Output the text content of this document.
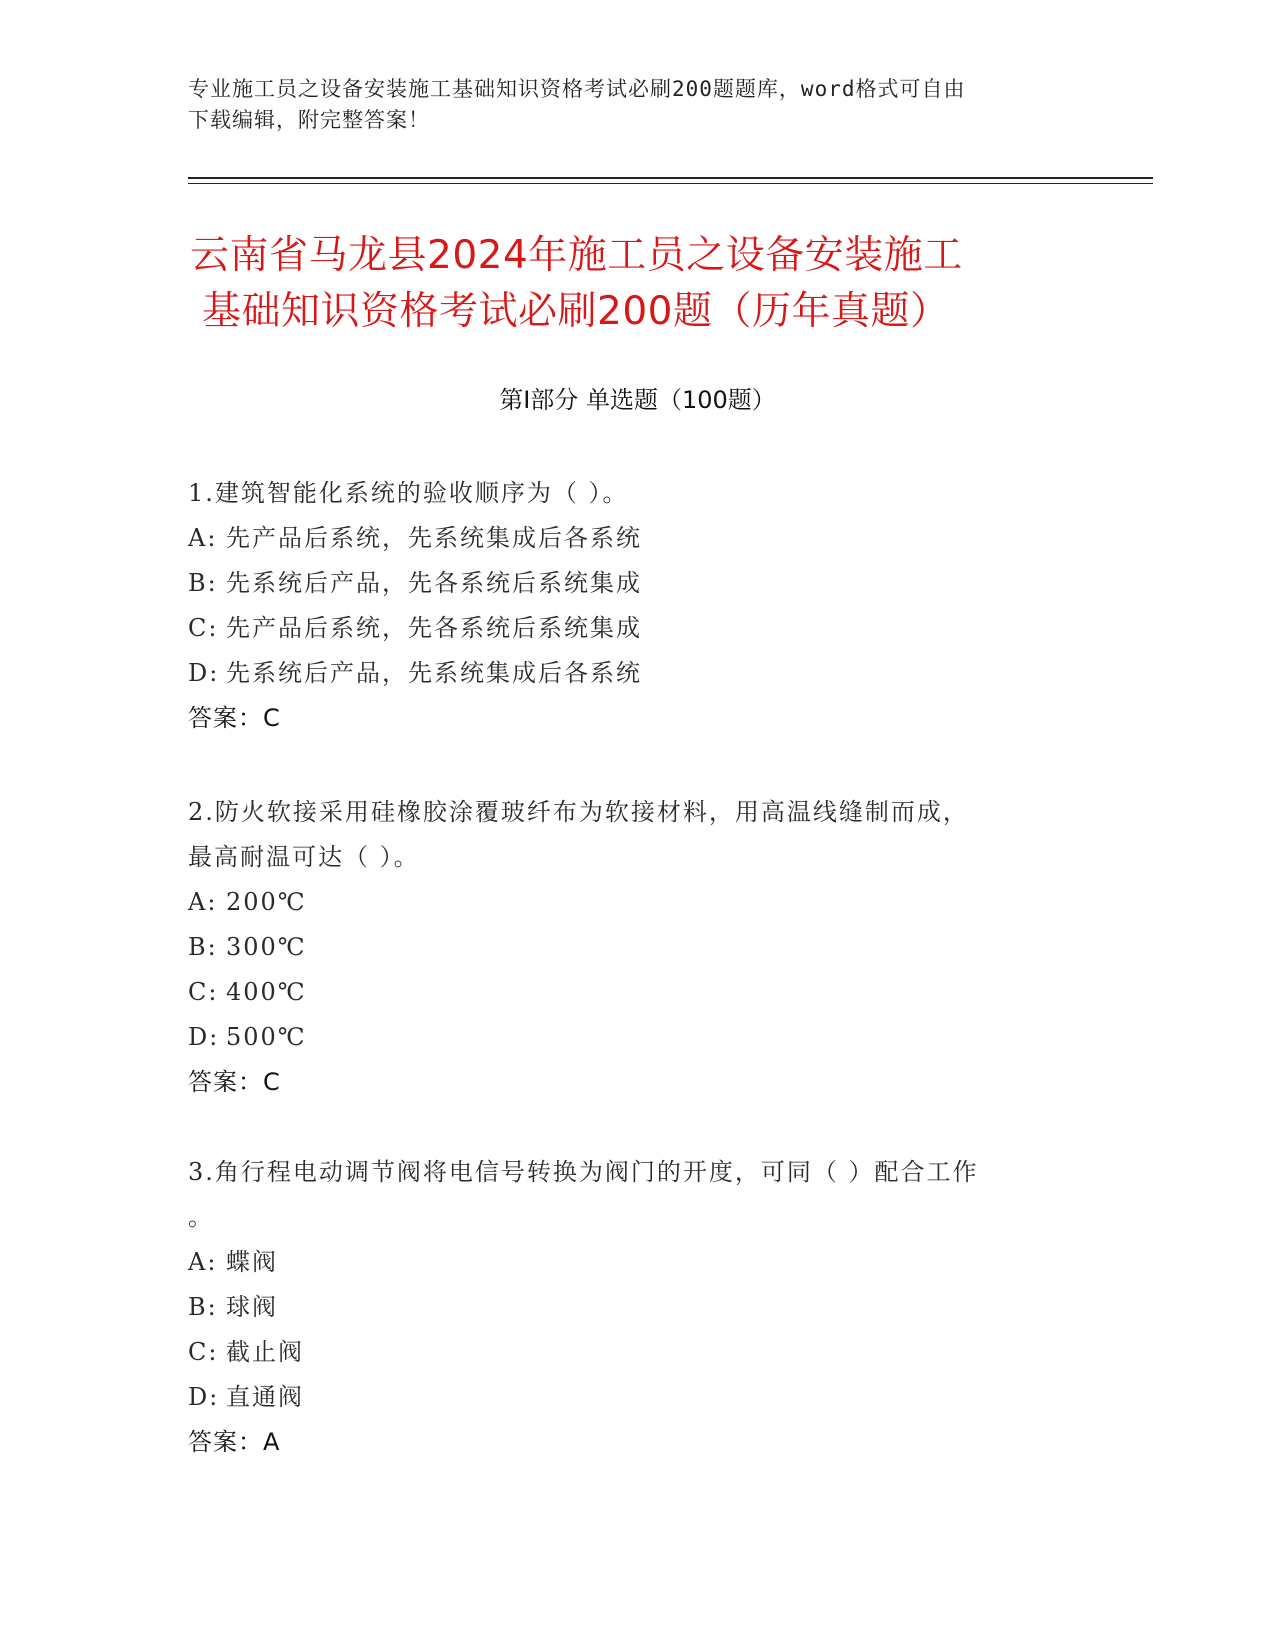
专业施工员之设备安装施工基础知识资格考试必刷200题题库，word格式可自由
下载编辑，附完整答案！
云南省马龙县2024年施工员之设备安装施工
基础知识资格考试必刷200题（历年真题）
第Ⅰ部分 单选题（100题）
1.建筑智能化系统的验收顺序为（ ）。
A: 先产品后系统，先系统集成后各系统
B: 先系统后产品，先各系统后系统集成
C: 先产品后系统，先各系统后系统集成
D: 先系统后产品，先系统集成后各系统
答案：C
2.防火软接采用硅橡胶涂覆玻纤布为软接材料，用高温线缝制而成，
最高耐温可达（ ）。
A: 200℃
B: 300℃
C: 400℃
D: 500℃
答案：C
3.角行程电动调节阀将电信号转换为阀门的开度，可同（ ）配合工作
。
A: 蝶阀
B: 球阀
C: 截止阀
D: 直通阀
答案：A
